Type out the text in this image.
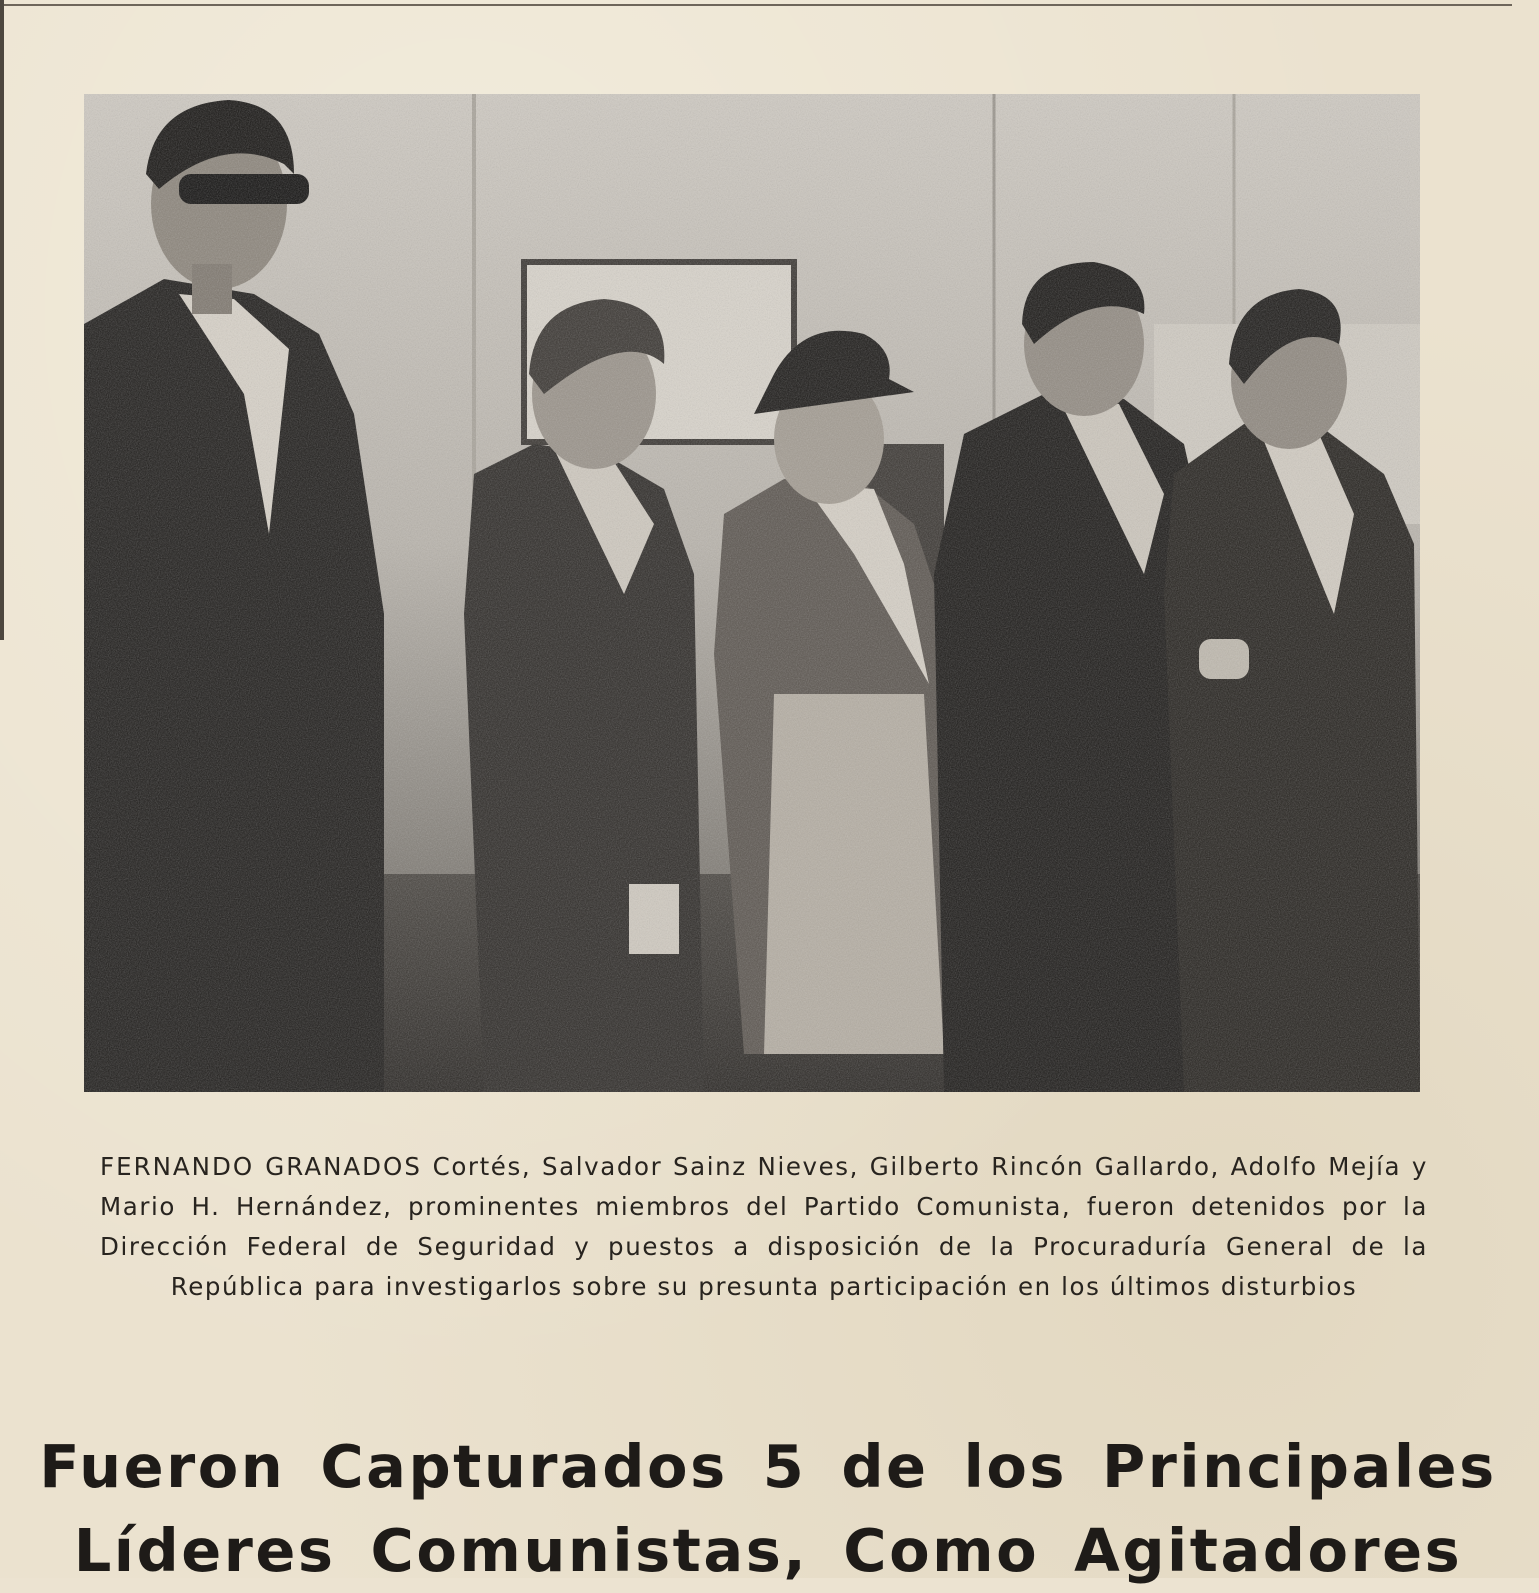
FERNANDO GRANADOS Cortés, Salvador Sainz Nieves, Gilberto Rincón Gallardo, Adolfo Mejía y Mario H. Hernández, prominentes miembros del Partido Comunista, fueron detenidos por la Dirección Federal de Seguridad y puestos a disposición de la Procuraduría General de la República para investigarlos sobre su presunta participación en los últimos disturbios

Fueron Capturados 5 de los Principales
Líderes Comunistas, Como Agitadores
